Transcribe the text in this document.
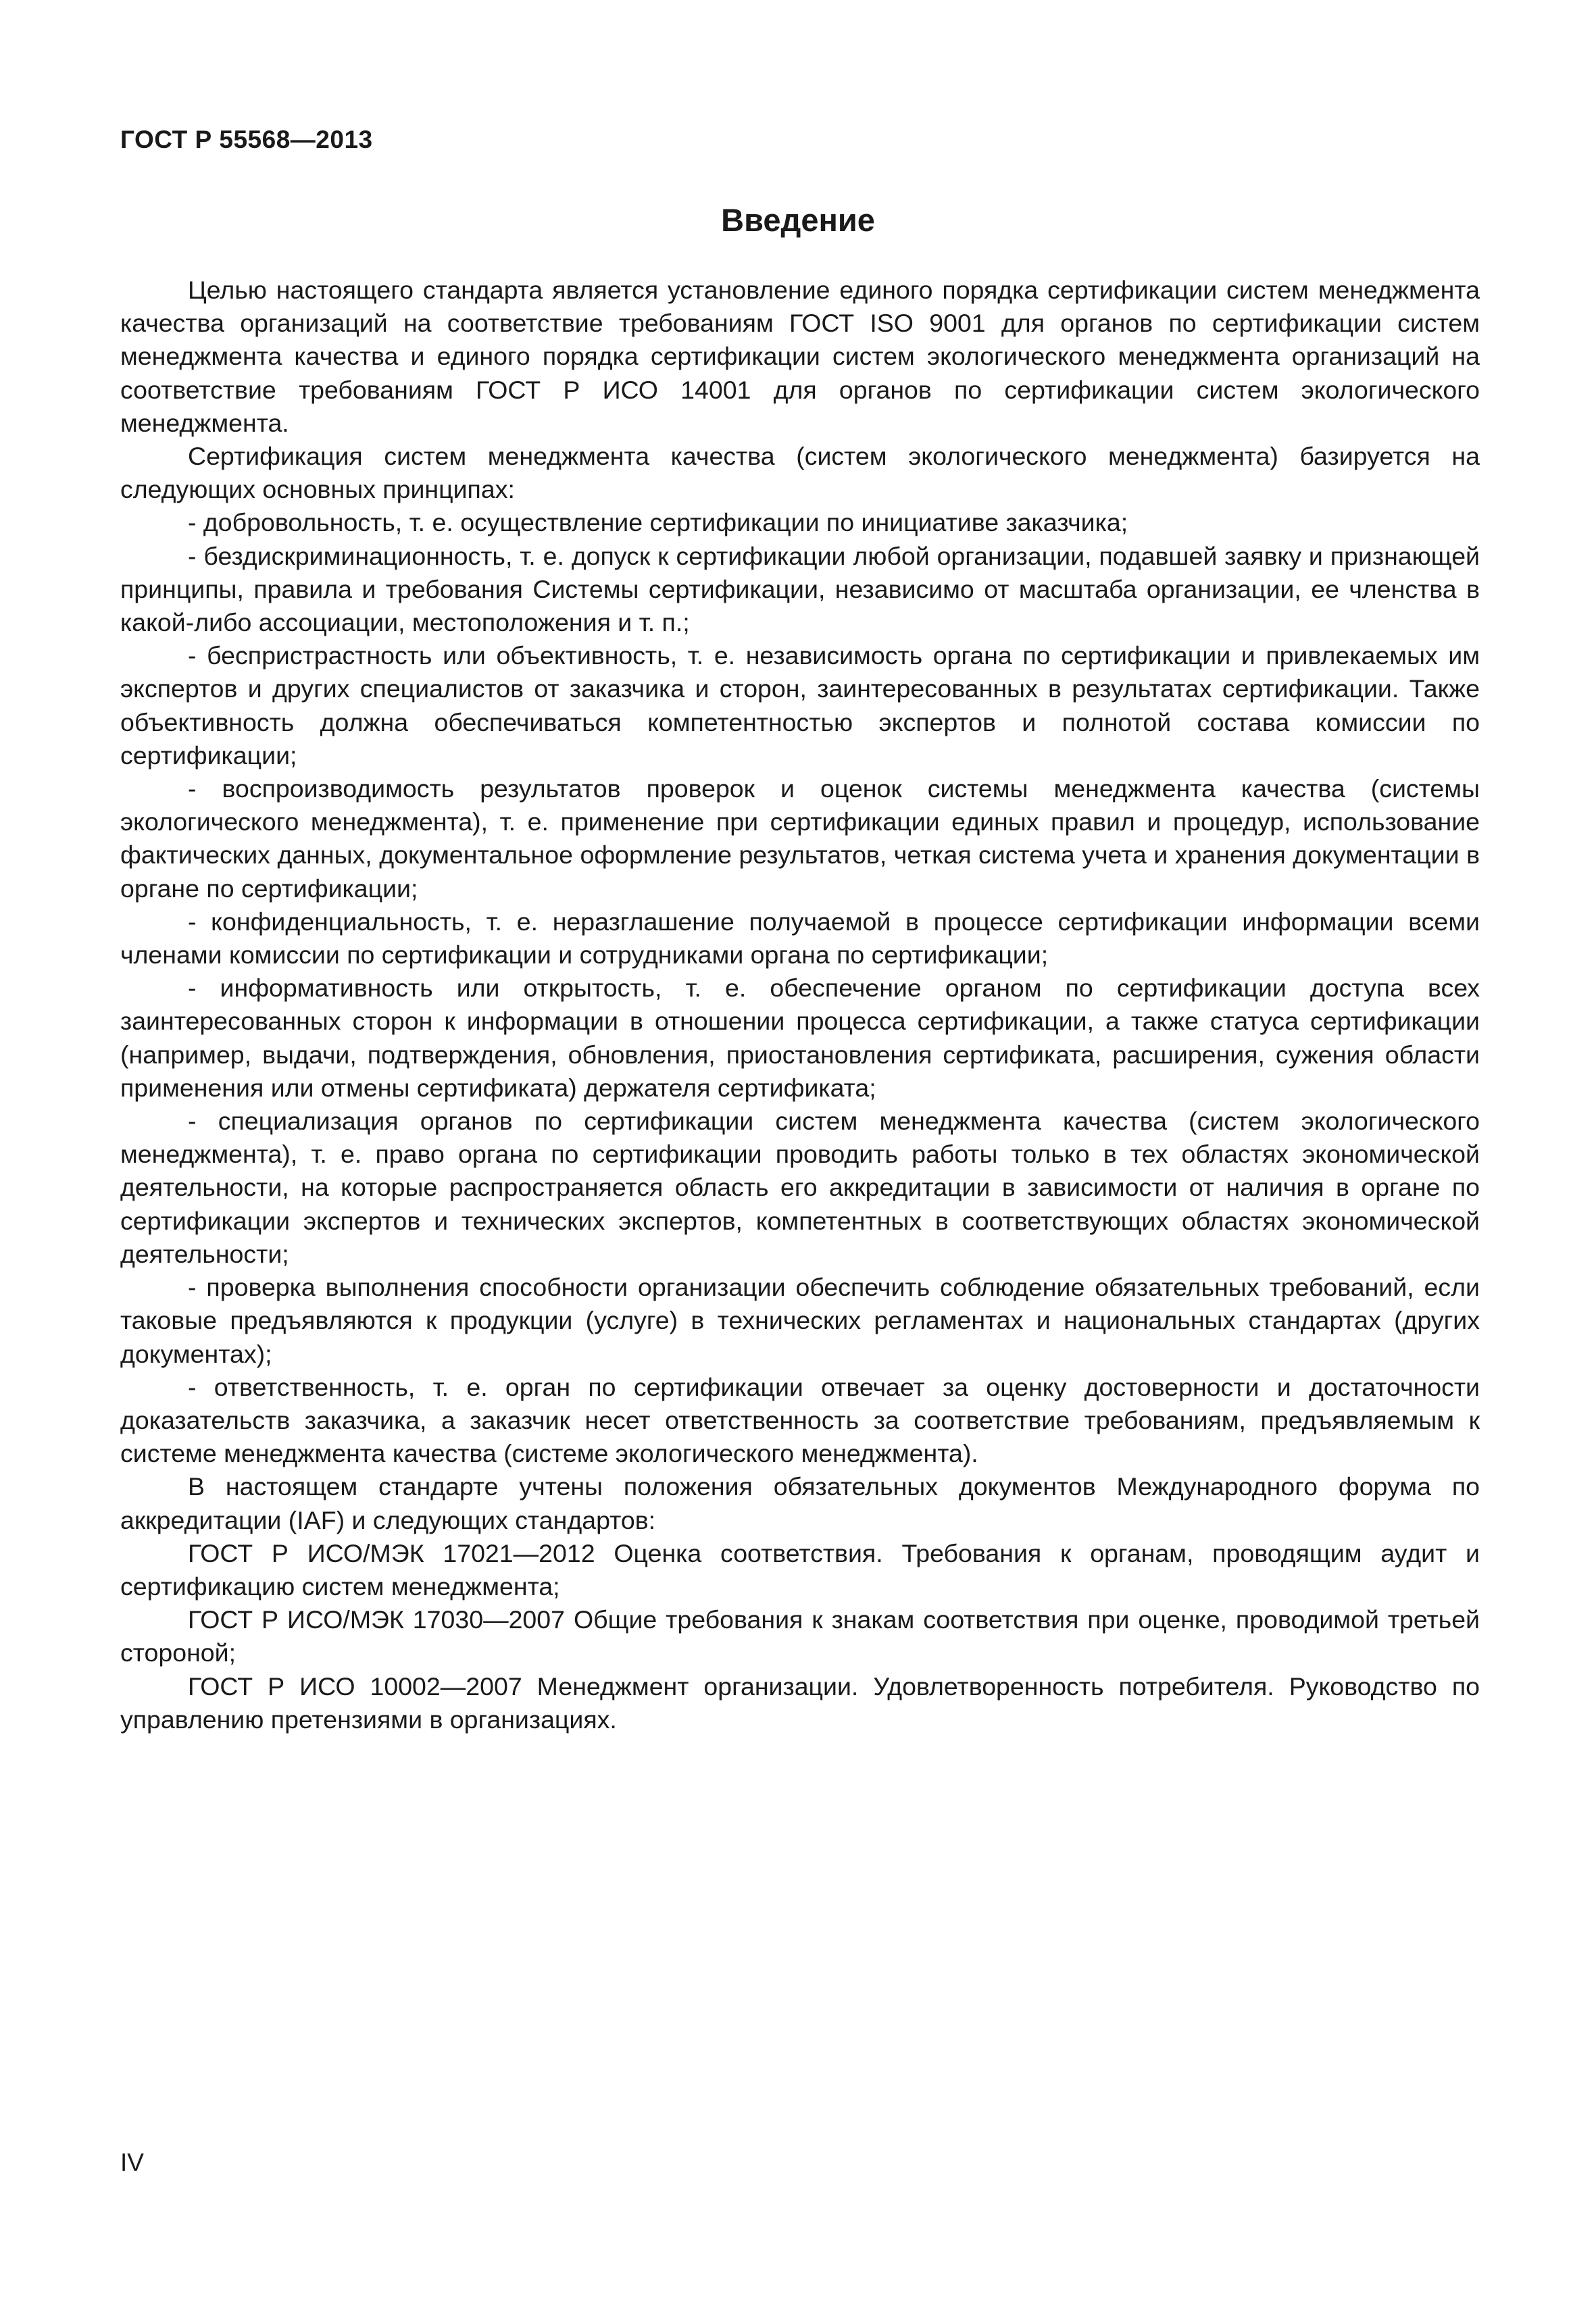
ГОСТ Р 55568—2013
Введение

Целью настоящего стандарта является установление единого порядка сертификации систем менеджмента качества организаций на соответствие требованиям ГОСТ ISO 9001 для органов по сертификации систем менеджмента качества и единого порядка сертификации систем экологического менеджмента организаций на соответствие требованиям ГОСТ Р ИСО 14001 для органов по сертификации систем экологического менеджмента.

Сертификация систем менеджмента качества (систем экологического менеджмента) базируется на следующих основных принципах:

- добровольность, т. е. осуществление сертификации по инициативе заказчика;

- бездискриминационность, т. е. допуск к сертификации любой организации, подавшей заявку и признающей принципы, правила и требования Системы сертификации, независимо от масштаба организации, ее членства в какой-либо ассоциации, местоположения и т. п.;

- беспристрастность или объективность, т. е. независимость органа по сертификации и привлекаемых им экспертов и других специалистов от заказчика и сторон, заинтересованных в результатах сертификации. Также объективность должна обеспечиваться компетентностью экспертов и полнотой состава комиссии по сертификации;

- воспроизводимость результатов проверок и оценок системы менеджмента качества (системы экологического менеджмента), т. е. применение при сертификации единых правил и процедур, использование фактических данных, документальное оформление результатов, четкая система учета и хранения документации в органе по сертификации;

- конфиденциальность, т. е. неразглашение получаемой в процессе сертификации информации всеми членами комиссии по сертификации и сотрудниками органа по сертификации;

- информативность или открытость, т. е. обеспечение органом по сертификации доступа всех заинтересованных сторон к информации в отношении процесса сертификации, а также статуса сертификации (например, выдачи, подтверждения, обновления, приостановления сертификата, расширения, сужения области применения или отмены сертификата) держателя сертификата;

- специализация органов по сертификации систем менеджмента качества (систем экологического менеджмента), т. е. право органа по сертификации проводить работы только в тех областях экономической деятельности, на которые распространяется область его аккредитации в зависимости от наличия в органе по сертификации экспертов и технических экспертов, компетентных в соответствующих областях экономической деятельности;

- проверка выполнения способности организации обеспечить соблюдение обязательных требований, если таковые предъявляются к продукции (услуге) в технических регламентах и национальных стандартах (других документах);

- ответственность, т. е. орган по сертификации отвечает за оценку достоверности и достаточности доказательств заказчика, а заказчик несет ответственность за соответствие требованиям, предъявляемым к системе менеджмента качества (системе экологического менеджмента).

В настоящем стандарте учтены положения обязательных документов Международного форума по аккредитации (IAF) и следующих стандартов:

ГОСТ Р ИСО/МЭК 17021—2012 Оценка соответствия. Требования к органам, проводящим аудит и сертификацию систем менеджмента;

ГОСТ Р ИСО/МЭК 17030—2007 Общие требования к знакам соответствия при оценке, проводимой третьей стороной;

ГОСТ Р ИСО 10002—2007 Менеджмент организации. Удовлетворенность потребителя. Руководство по управлению претензиями в организациях.

IV
